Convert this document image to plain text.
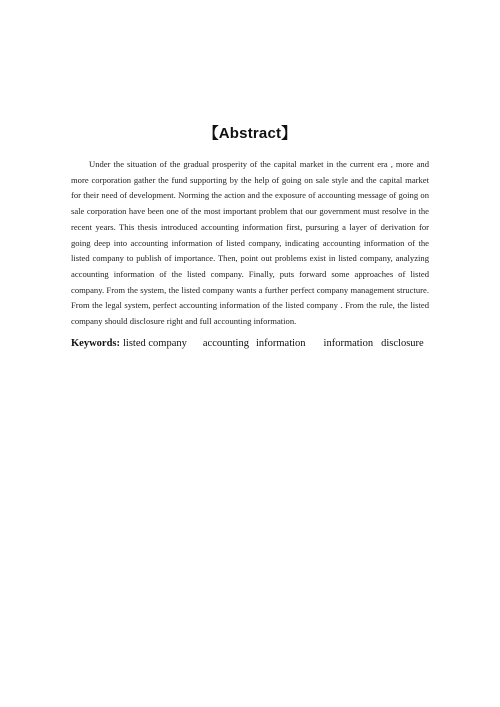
【Abstract】

Under the situation of the gradual prosperity of the capital market in the current era , more and more corporation gather the fund supporting by the help of going on sale style and the capital market for their need of development. Norming the action and the exposure of accounting message of going on sale corporation have been one of the most important problem that our government must resolve in the recent years. This thesis introduced accounting information first, pursuring a layer of derivation for going deep into accounting information of listed company, indicating accounting information of the listed company to publish of importance. Then, point out problems exist in listed company, analyzing accounting information of the listed company. Finally, puts forward some approaches of listed company. From the system, the listed company wants a further perfect company management structure. From the legal system, perfect accounting information of the listed company . From the rule, the listed company should disclosure right and full accounting information.

Keywords: listed company accounting information information disclosure
